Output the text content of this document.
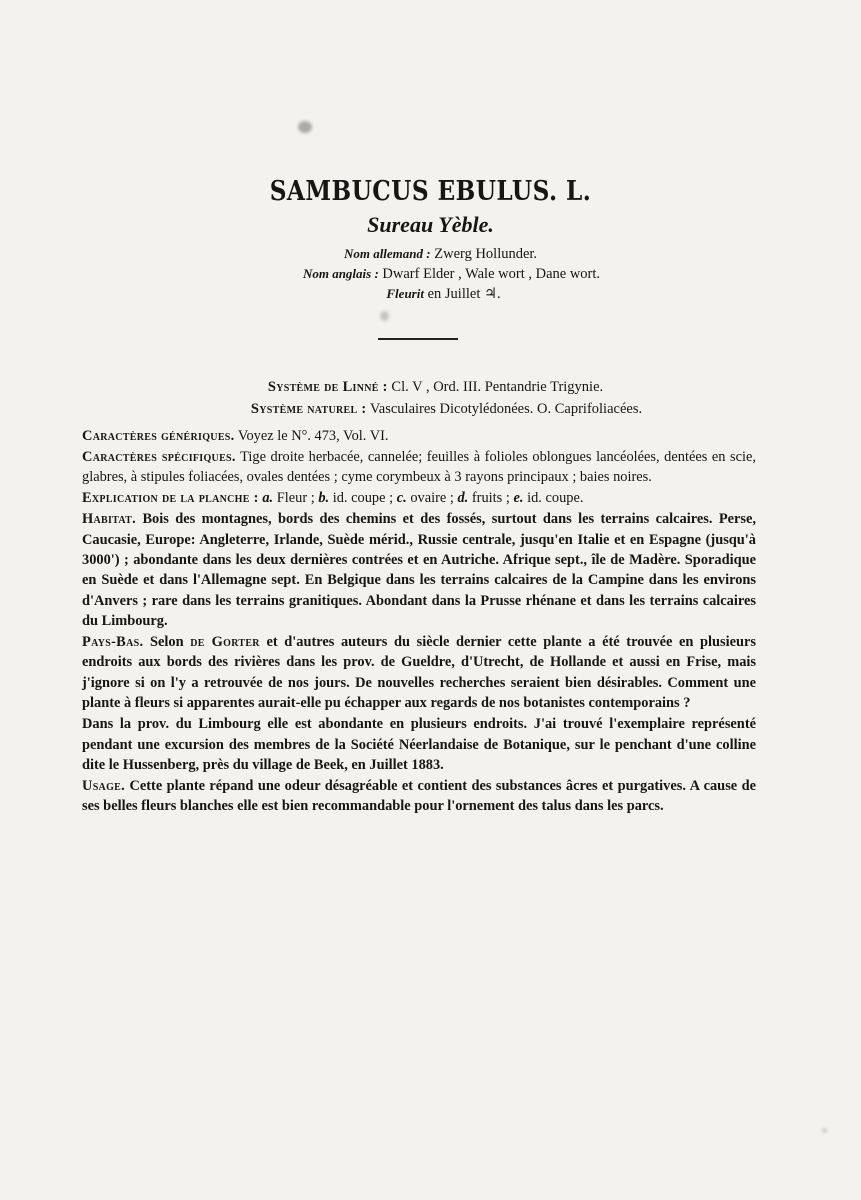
SAMBUCUS EBULUS. L.
Sureau Yèble.
Nom allemand : Zwerg Hollunder.
Nom anglais : Dwarf Elder , Wale wort , Dane wort.
Fleurit en Juillet ♃.
Système de Linné : Cl. V , Ord. III. Pentandrie Trigynie.
Système naturel : Vasculaires Dicotylédonées. O. Caprifoliacées.

Caractères génériques. Voyez le N°. 473, Vol. VI.

Caractères spécifiques. Tige droite herbacée, cannelée; feuilles à folioles oblongues lancéolées, dentées en scie, glabres, à stipules foliacées, ovales dentées ; cyme corymbeux à 3 rayons principaux ; baies noires.

Explication de la planche : a. Fleur ; b. id. coupe ; c. ovaire ; d. fruits ; e. id. coupe.

Habitat. Bois des montagnes, bords des chemins et des fossés, surtout dans les terrains calcaires. Perse, Caucasie, Europe: Angleterre, Irlande, Suède mérid., Russie centrale, jusqu'en Italie et en Espagne (jusqu'à 3000') ; abondante dans les deux dernières contrées et en Autriche. Afrique sept., île de Madère. Sporadique en Suède et dans l'Allemagne sept. En Belgique dans les terrains calcaires de la Campine dans les environs d'Anvers ; rare dans les terrains granitiques. Abondant dans la Prusse rhénane et dans les terrains calcaires du Limbourg.

Pays-Bas. Selon de Gorter et d'autres auteurs du siècle dernier cette plante a été trouvée en plusieurs endroits aux bords des rivières dans les prov. de Gueldre, d'Utrecht, de Hollande et aussi en Frise, mais j'ignore si on l'y a retrouvée de nos jours. De nouvelles recherches seraient bien désirables. Comment une plante à fleurs si apparentes aurait-elle pu échapper aux regards de nos botanistes contemporains ?

Dans la prov. du Limbourg elle est abondante en plusieurs endroits. J'ai trouvé l'exemplaire représenté pendant une excursion des membres de la Société Néerlandaise de Botanique, sur le penchant d'une colline dite le Hussenberg, près du village de Beek, en Juillet 1883.

Usage. Cette plante répand une odeur désagréable et contient des substances âcres et purgatives. A cause de ses belles fleurs blanches elle est bien recommandable pour l'ornement des talus dans les parcs.
